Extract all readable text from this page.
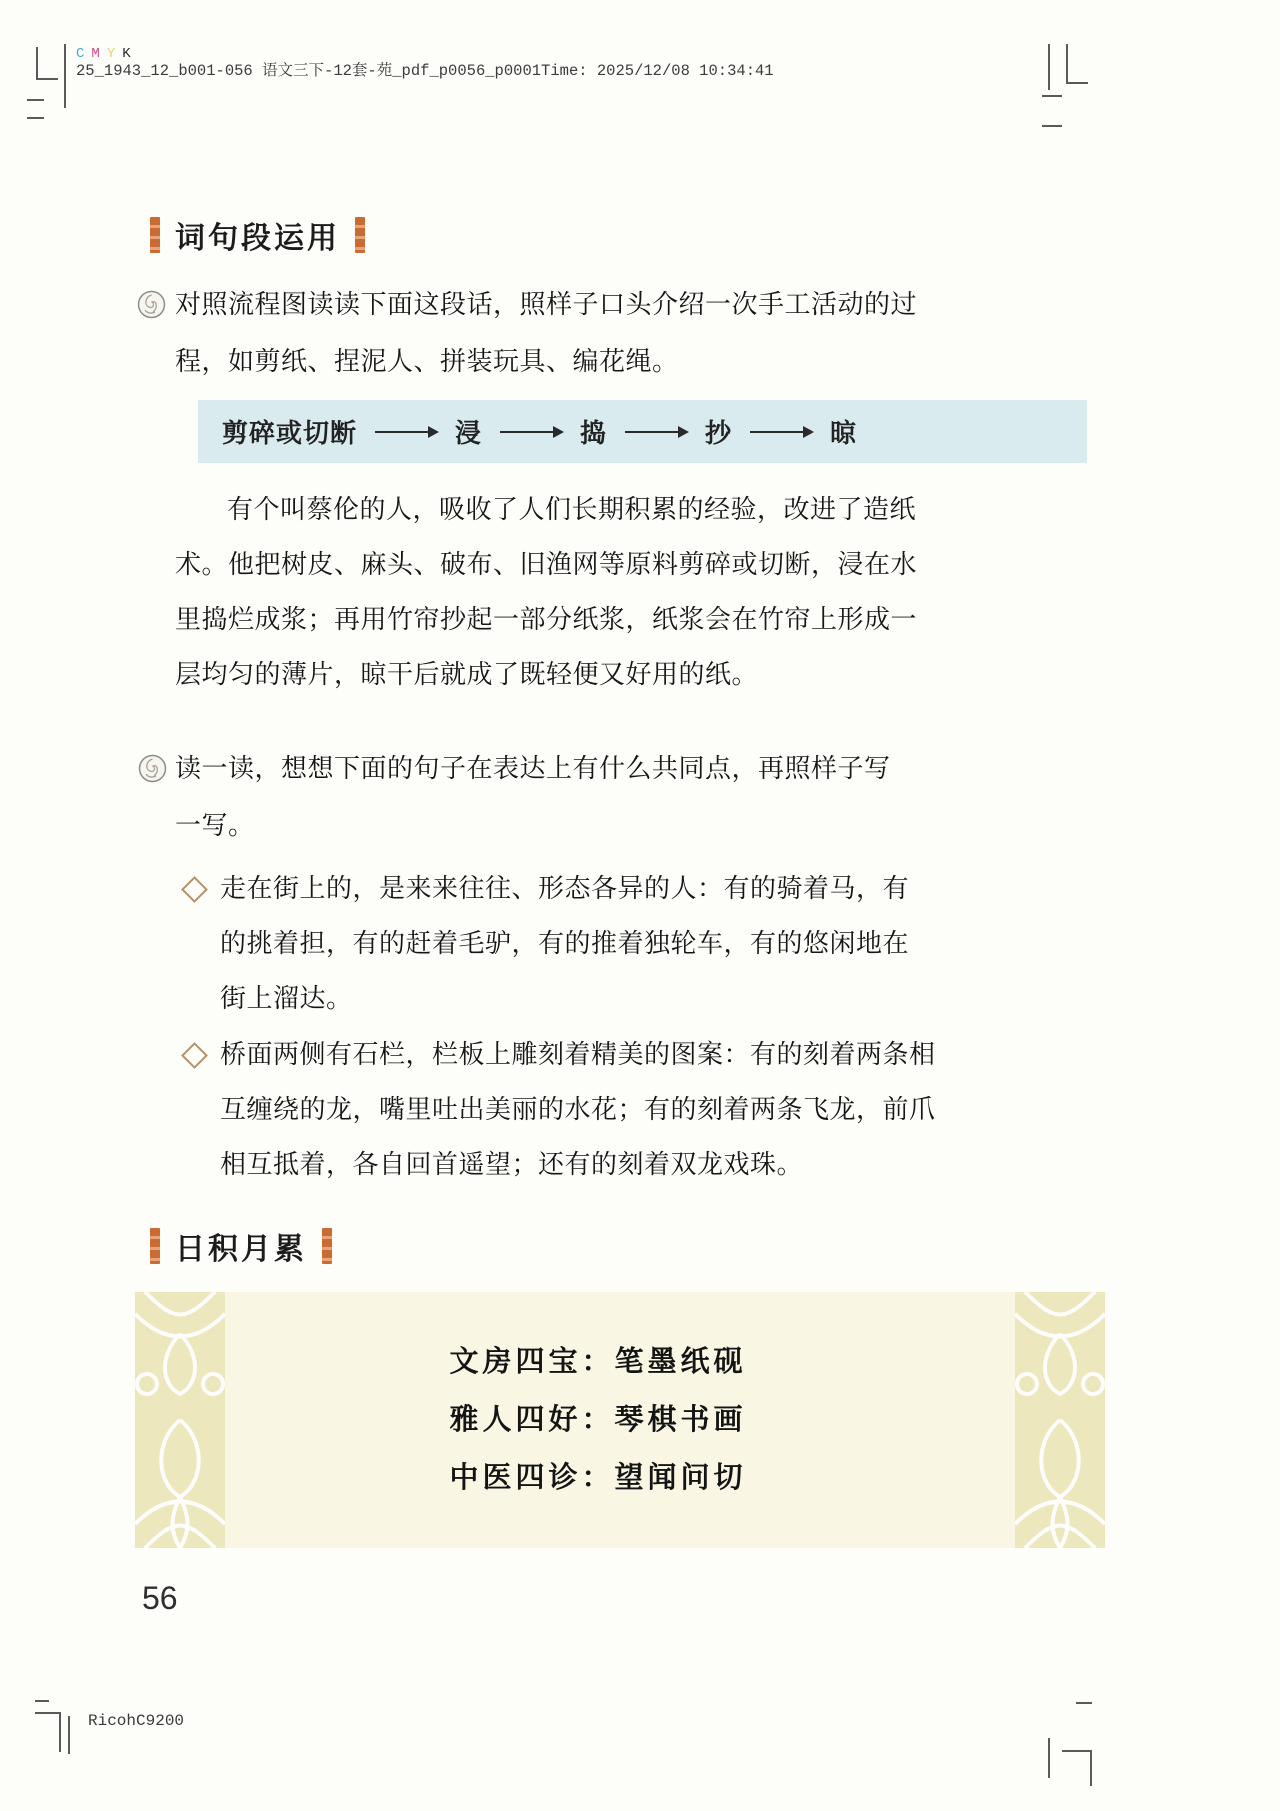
CMYK
25_1943_12_b001-056 语文三下-12套-苑_pdf_p0056_p0001Time: 2025/12/08 10:34:41
词句段运用
对照流程图读读下面这段话，照样子口头介绍一次手工活动的过
程，如剪纸、捏泥人、拼装玩具、编花绳。
剪碎或切断	浸	捣	抄	晾
有个叫蔡伦的人，吸收了人们长期积累的经验，改进了造纸
术。他把树皮、麻头、破布、旧渔网等原料剪碎或切断，浸在水
里捣烂成浆；再用竹帘抄起一部分纸浆，纸浆会在竹帘上形成一
层均匀的薄片，晾干后就成了既轻便又好用的纸。
读一读，想想下面的句子在表达上有什么共同点，再照样子写
一写。
走在街上的，是来来往往、形态各异的人：有的骑着马，有
的挑着担，有的赶着毛驴，有的推着独轮车，有的悠闲地在
街上溜达。
桥面两侧有石栏，栏板上雕刻着精美的图案：有的刻着两条相
互缠绕的龙，嘴里吐出美丽的水花；有的刻着两条飞龙，前爪
相互抵着，各自回首遥望；还有的刻着双龙戏珠。
日积月累
文房四宝：笔墨纸砚
雅人四好：琴棋书画
中医四诊：望闻问切
56
RicohC9200
